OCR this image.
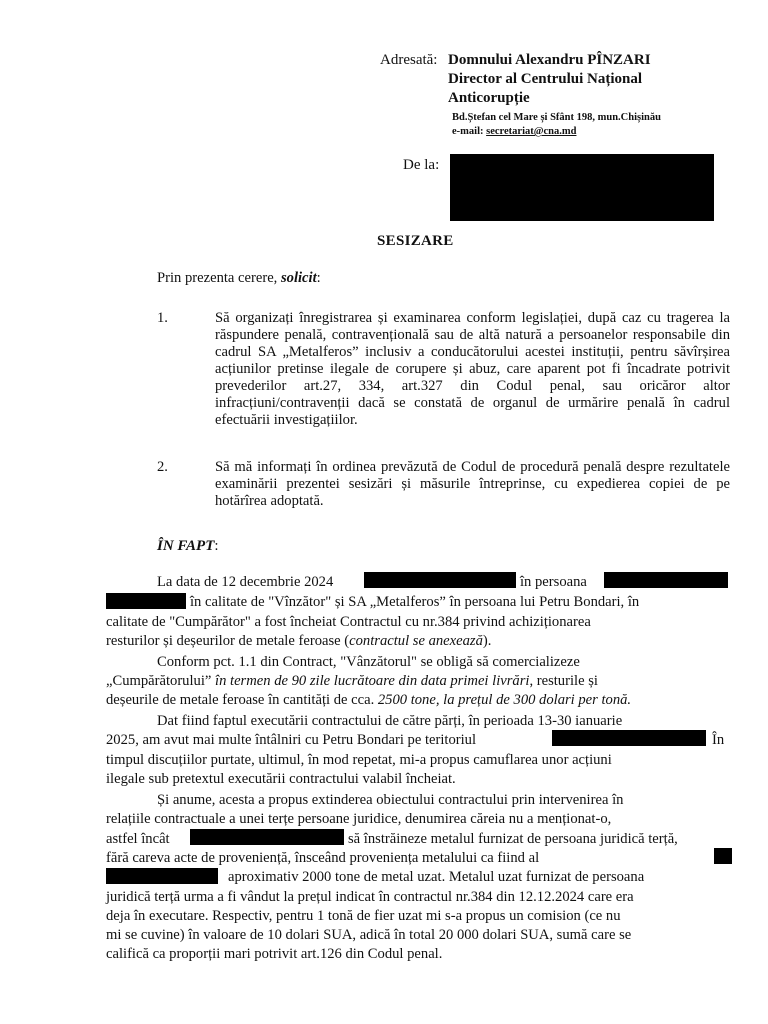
Adresată: Domnului Alexandru PÎNZARI
Director al Centrului Național
Anticorupție
Bd.Ștefan cel Mare și Sfânt 198, mun.Chișinău
e-mail: secretariat@cna.md
De la:
SESIZARE
Prin prezenta cerere, solicit:
1.	Să organizați înregistrarea și examinarea conform legislației, după caz cu tragerea la răspundere penală, contravențională sau de altă natură a persoanelor responsabile din cadrul SA „Metalferos” inclusiv a conducătorului acestei instituții, pentru săvîrșirea acțiunilor pretinse ilegale de corupere și abuz, care aparent pot fi încadrate potrivit prevederilor art.27, 334, art.327 din Codul penal, sau oricăror altor infracțiuni/contravenții dacă se constată de organul de urmărire penală în cadrul efectuării investigațiilor.
2.	Să mă informați în ordinea prevăzută de Codul de procedură penală despre rezultatele examinării prezentei sesizări și măsurile întreprinse, cu expedierea copiei de pe hotărîrea adoptată.
ÎN FAPT:
La data de 12 decembrie 2024	în persoana
în calitate de "Vînzător" și SA „Metalferos” în persoana lui Petru Bondari, în
calitate de "Cumpărător" a fost încheiat Contractul cu nr.384 privind achiziționarea
resturilor și deșeurilor de metale feroase (contractul se anexează).
Conform pct. 1.1 din Contract, "Vânzătorul" se obligă să comercializeze
„Cumpărătorului” în termen de 90 zile lucrătoare din data primei livrări, resturile și
deșeurile de metale feroase în cantități de cca. 2500 tone, la prețul de 300 dolari per tonă.
Dat fiind faptul executării contractului de către părți, în perioada 13-30 ianuarie
2025, am avut mai multe întâlniri cu Petru Bondari pe teritoriul	În
timpul discuțiilor purtate, ultimul, în mod repetat, mi-a propus camuflarea unor acțiuni
ilegale sub pretextul executării contractului valabil încheiat.
Și anume, acesta a propus extinderea obiectului contractului prin intervenirea în
relațiile contractuale a unei terțe persoane juridice, denumirea căreia nu a menționat-o,
astfel încât	să înstrăineze metalul furnizat de persoana juridică terță,
fără careva acte de proveniență, însceând proveniența metalului ca fiind al
aproximativ 2000 tone de metal uzat. Metalul uzat furnizat de persoana
juridică terță urma a fi vândut la prețul indicat în contractul nr.384 din 12.12.2024 care era
deja în executare. Respectiv, pentru 1 tonă de fier uzat mi s-a propus un comision (ce nu
mi se cuvine) în valoare de 10 dolari SUA, adică în total 20 000 dolari SUA, sumă care se
califică ca proporții mari potrivit art.126 din Codul penal.
